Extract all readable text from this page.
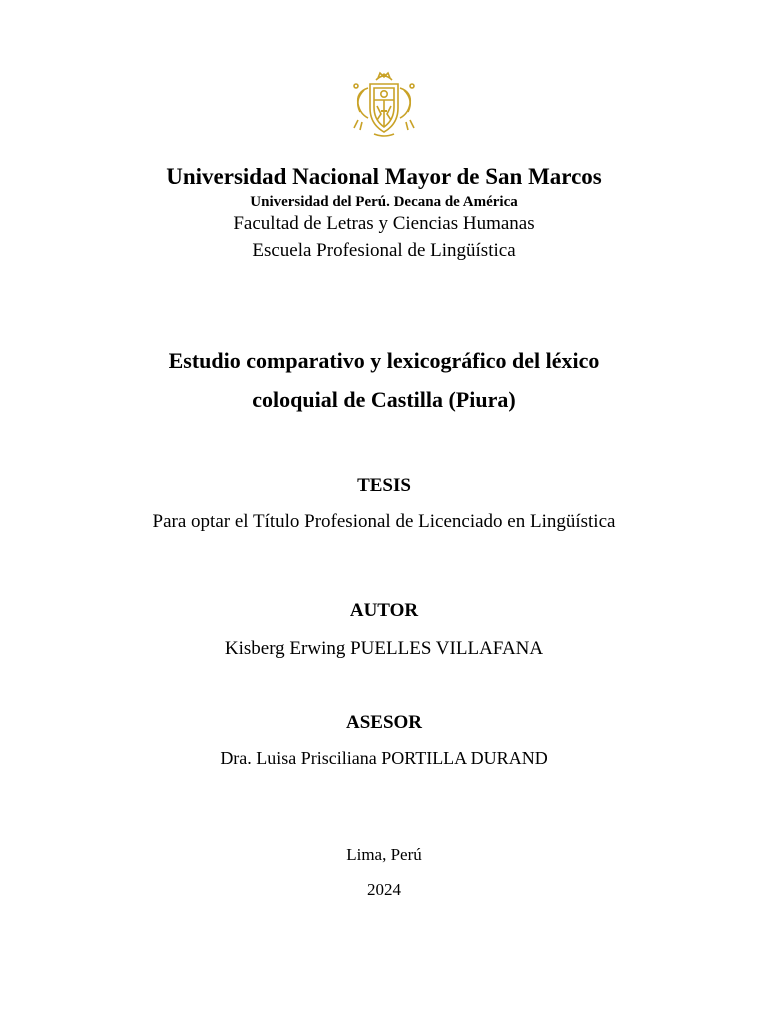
Universidad Nacional Mayor de San Marcos
Universidad del Perú. Decana de América
Facultad de Letras y Ciencias Humanas
Escuela Profesional de Lingüística
Estudio comparativo y lexicográfico del léxico
coloquial de Castilla (Piura)
TESIS
Para optar el Título Profesional de Licenciado en Lingüística
AUTOR
Kisberg Erwing PUELLES VILLAFANA
ASESOR
Dra. Luisa Prisciliana PORTILLA DURAND
Lima, Perú
2024
